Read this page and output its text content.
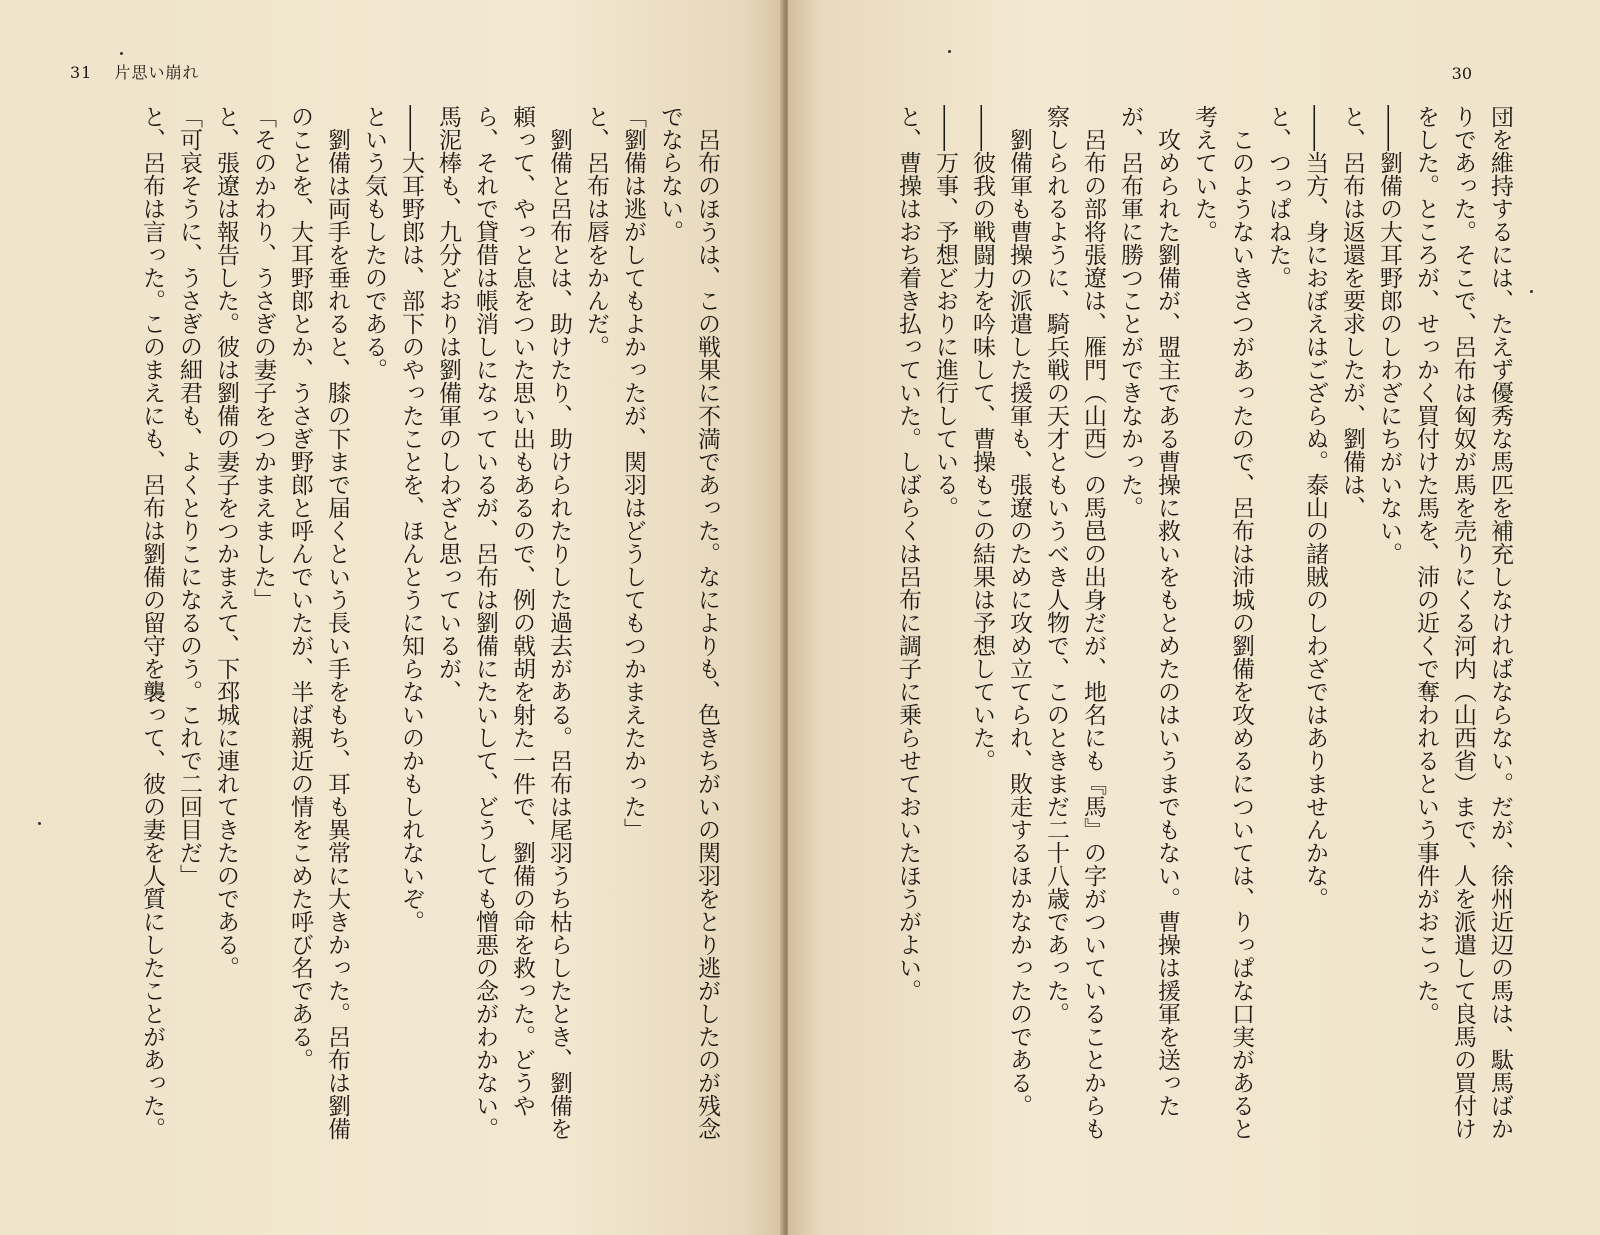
31 片思い崩れ

呂布のほうは、この戦果に不満であった。なによりも、色きちがいの関羽をとり逃がしたのが残念でならない。

「劉備は逃がしてもよかったが、関羽はどうしてもつかまえたかった」

と、呂布は唇をかんだ。

劉備と呂布とは、助けたり、助けられたりした過去がある。呂布は尾羽うち枯らしたとき、劉備を頼って、やっと息をついた思い出もあるので、例の戟胡を射た一件で、劉備の命を救った。どうやら、それで貸借は帳消しになっているが、呂布は劉備にたいして、どうしても憎悪の念がわかない。馬泥棒も、九分どおりは劉備軍のしわざと思っているが、

――大耳野郎は、部下のやったことを、ほんとうに知らないのかもしれないぞ。

という気もしたのである。

劉備は両手を垂れると、膝の下まで届くという長い手をもち、耳も異常に大きかった。呂布は劉備のことを、大耳野郎とか、うさぎ野郎と呼んでいたが、半ば親近の情をこめた呼び名である。

「そのかわり、うさぎの妻子をつかまえました」

と、張遼は報告した。彼は劉備の妻子をつかまえて、下邳城に連れてきたのである。

「可哀そうに、うさぎの細君も、よくとりこになるのう。これで二回目だ」

と、呂布は言った。このまえにも、呂布は劉備の留守を襲って、彼の妻を人質にしたことがあった。

30

団を維持するには、たえず優秀な馬匹を補充しなければならない。だが、徐州近辺の馬は、駄馬ばかりであった。そこで、呂布は匈奴が馬を売りにくる河内（山西省）まで、人を派遣して良馬の買付けをした。ところが、せっかく買付けた馬を、沛の近くで奪われるという事件がおこった。

――劉備の大耳野郎のしわざにちがいない。

と、呂布は返還を要求したが、劉備は、

――当方、身におぼえはござらぬ。泰山の諸賊のしわざではありませんかな。

と、つっぱねた。

このようないきさつがあったので、呂布は沛城の劉備を攻めるについては、りっぱな口実があると考えていた。

攻められた劉備が、盟主である曹操に救いをもとめたのはいうまでもない。曹操は援軍を送ったが、呂布軍に勝つことができなかった。

呂布の部将張遼は、雁門（山西）の馬邑の出身だが、地名にも『馬』の字がついていることからも察しられるように、騎兵戦の天才ともいうべき人物で、このときまだ二十八歳であった。

劉備軍も曹操の派遣した援軍も、張遼のために攻め立てられ、敗走するほかなかったのである。

――彼我の戦闘力を吟味して、曹操もこの結果は予想していた。

――万事、予想どおりに進行している。

と、曹操はおち着き払っていた。しばらくは呂布に調子に乗らせておいたほうがよい。
